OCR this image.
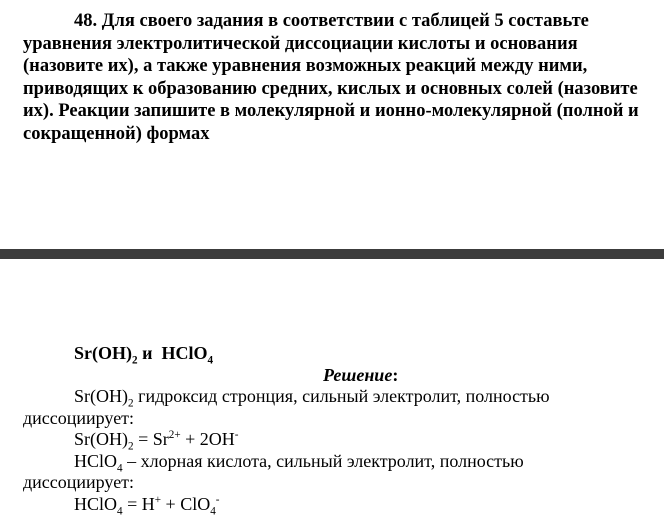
48. Для своего задания в соответствии с таблицей 5 составьте уравнения электролитической диссоциации кислоты и основания (назовите их), а также уравнения возможных реакций между ними, приводящих к образованию средних, кислых и основных солей (назовите их). Реакции запишите в молекулярной и ионно-молекулярной (полной и сокращенной) формах

$Sr(OH)_2$ и  HClO$_4$
Решение:
$Sr(OH)_2$ гидроксид стронция, сильный электролит, полностью
диссоциирует:
$Sr(OH)_2 = Sr^{2+} + 2OH^-$
HClO$_4$ – хлорная кислота, сильный электролит, полностью
диссоциирует:
HClO$_4$ = H+ + ClO$_4$-
